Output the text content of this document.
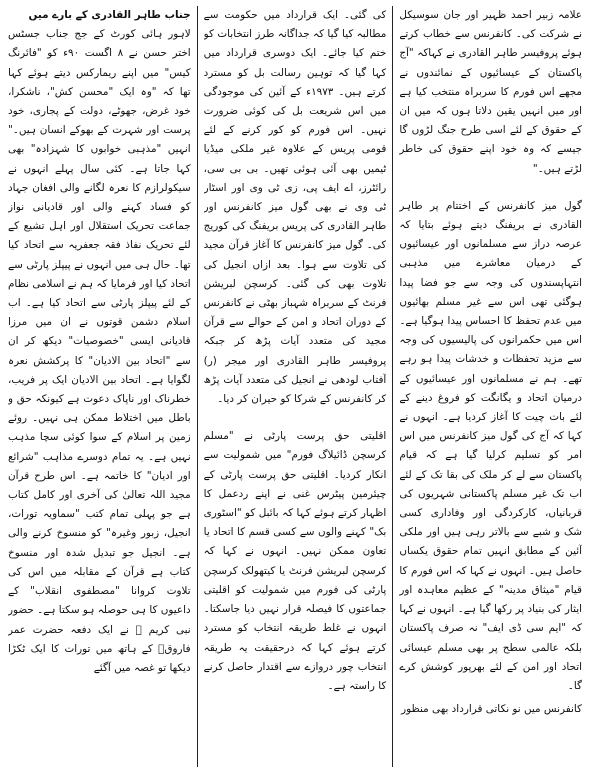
علامہ زبیر احمد ظہیر اور جان سوسیکل نے شرکت کی۔ کانفرنس سے خطاب کرتے ہوئے پروفیسر طاہر القادری نے کہاکہ "آج پاکستان کے عیسائیوں کے نمائندوں نے مجھے اس فورم کا سربراہ منتخب کیا ہے اور میں انہیں یقین دلاتا ہوں کہ میں ان کے حقوق کے لئے اسی طرح جنگ لڑوں گا جیسے کہ وہ خود اپنے حقوق کی خاطر لڑتے ہیں۔"

گول میز کانفرنس کے اختتام پر طاہر القادری نے بریفنگ دیتے ہوئے بتایا کہ عرصہ دراز سے مسلمانوں اور عیسائیوں کے درمیان معاشرے میں مذہبی انتہاپسندوں کی وجہ سے جو فضا پیدا ہوگئی تھی اس سے غیر مسلم بھائیوں میں عدم تحفظ کا احساس پیدا ہوگیا ہے۔ اس میں حکمرانوں کی پالیسیوں کی وجہ سے مزید تحفظات و خدشات پیدا ہو رہے تھے۔ ہم نے مسلمانوں اور عیسائیوں کے درمیان اتحاد و یگانگت کو فروغ دینے کے لئے بات چیت کا آغاز کردیا ہے۔ انہوں نے کہا کہ آج کی گول میز کانفرنس میں اس امر کو تسلیم کرلیا گیا ہے کہ قیام پاکستان سے لے کر ملک کی بقا تک کے لئے اب تک غیر مسلم پاکستانی شہریوں کی قربانیاں، کارکردگی اور وفاداری کسی شک و شبے سے بالاتر رہی ہیں اور ملکی آئین کے مطابق انہیں تمام حقوق یکساں حاصل ہیں۔ انہوں نے کہا کہ اس فورم کا قیام "میثاق مدینہ" کے عظیم معاہدہ اور ایثار کی بنیاد پر رکھا گیا ہے۔ انہوں نے کہا کہ "ایم سی ڈی ایف" نہ صرف پاکستان بلکہ عالمی سطح پر بھی مسلم عیسائی اتحاد اور امن کے لئے بھرپور کوشش کرے گا۔

کانفرنس میں نو نکاتی قرارداد بھی منظور

کی گئی۔ ایک قرارداد میں حکومت سے مطالبہ کیا گیا کہ جداگانہ طرز انتخابات کو ختم کیا جائے۔ ایک دوسری قرارداد میں کہا گیا کہ توہین رسالت بل کو مسترد کرتے ہیں۔ ۱۹۷۳ء کے آئین کی موجودگی میں اس شریعت بل کی کوئی ضرورت نہیں۔ اس فورم کو کور کرنے کے لئے قومی پریس کے علاوہ غیر ملکی میڈیا ٹیمیں بھی آئی ہوئی تھیں۔ بی بی سی، رائٹرز، اے ایف پی، زی ٹی وی اور اسٹار ٹی وی نے بھی گول میز کانفرنس اور طاہر القادری کی پریس بریفنگ کی کوریج کی۔ گول میز کانفرنس کا آغاز قرآن مجید کی تلاوت سے ہوا۔ بعد ازاں انجیل کی تلاوت بھی کی گئی۔ کرسچن لبریشن فرنٹ کے سربراہ شہباز بھٹی نے کانفرنس کے دوران اتحاد و امن کے حوالے سے قرآن مجید کی متعدد آیات پڑھ کر جبکہ پروفیسر طاہر القادری اور میجر (ر) آفتاب لودھی نے انجیل کی متعدد آیات پڑھ کر کانفرنس کے شرکا کو حیران کر دیا۔

اقلیتی حق پرست پارٹی نے "مسلم کرسچن ڈائیلاگ فورم" میں شمولیت سے انکار کردیا۔ اقلیتی حق پرست پارٹی کے چیئرمین پیٹرس غنی نے اپنے ردعمل کا اظہار کرتے ہوئے کہا کہ بائبل کو "اسٹوری بک" کہنے والوں سے کسی قسم کا اتحاد یا تعاون ممکن نہیں۔ انہوں نے کہا کہ کرسچن لبریشن فرنٹ یا کیتھولک کرسچن پارٹی کی فورم میں شمولیت کو اقلیتی جماعتوں کا فیصلہ قرار نہیں دیا جاسکتا۔ انہوں نے غلط طریقہ انتخاب کو مسترد کرتے ہوئے کہا کہ درحقیقت یہ طریقہ انتخاب چور دروازے سے اقتدار حاصل کرنے کا راستہ ہے۔

جناب طاہر القادری کے بارے میں

لاہور ہائی کورٹ کے جج جناب جسٹس اختر حسن نے ۸ اگست ۹۰ء کو "فائرنگ کیس" میں اپنے ریمارکس دیتے ہوئے کہا تھا کہ "وہ ایک "محسن کش"، ناشکرا، خود غرض، جھوٹے، دولت کے پجاری، خود پرست اور شہرت کے بھوکے انسان ہیں۔" انہیں "مذہبی خوابوں کا شہزادہ" بھی کہا جاتا ہے۔ کئی سال پہلے انہوں نے سیکولرازم کا نعرہ لگانے والی افغان جہاد کو فساد کہنے والی اور قادیانی نواز جماعت تحریک استقلال اور اہل تشیع کے لئے تحریک نفاذ فقہ جعفریہ سے اتحاد کیا تھا۔ حال ہی میں انہوں نے پیپلز پارٹی سے اتحاد کیا اور فرمایا کہ ہم نے اسلامی نظام کے لئے پیپلز پارٹی سے اتحاد کیا ہے۔ اب اسلام دشمن قوتوں نے ان میں مرزا قادیانی ایسی "خصوصیات" دیکھ کر ان سے "اتحاد بین الادیان" کا پرکشش نعرہ لگوایا ہے۔ اتحاد بین الادیان ایک پر فریب، خطرناک اور ناپاک دعوت ہے کیونکہ حق و باطل میں اختلاط ممکن ہی نہیں۔ روئے زمین پر اسلام کے سوا کوئی سچا مذہب نہیں ہے۔ یہ تمام دوسرے مذاہب "شرائع اور ادیان" کا خاتمہ ہے۔ اس طرح قرآن مجید اللہ تعالیٰ کی آخری اور کامل کتاب ہے جو پہلی تمام کتب "سماویہ تورات، انجیل، زبور وغیرہ" کو منسوخ کرنے والی ہے۔ انجیل جو تبدیل شدہ اور منسوخ کتاب ہے قرآن کے مقابلہ میں اس کی تلاوت کروانا "مصطفوی انقلاب" کے داعیوں کا ہی حوصلہ ہو سکتا ہے۔ حضور نبی کریم ﷺ نے ایک دفعہ حضرت عمر فاروقؓ کے ہاتھ میں تورات کا ایک ٹکڑا دیکھا تو غصہ میں آگئے
